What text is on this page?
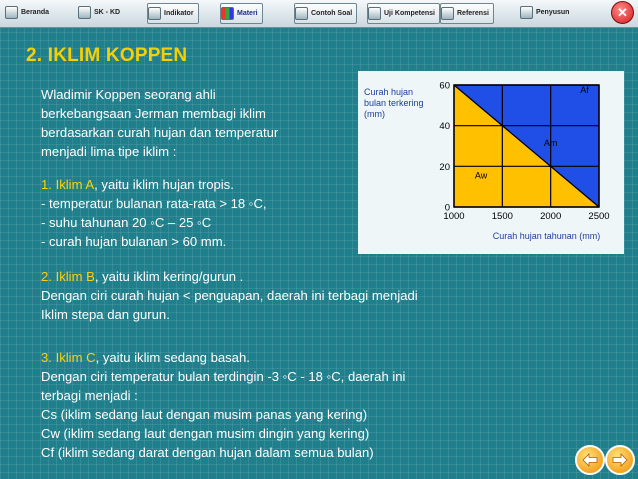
Beranda	SK - KD	Indikator	Materi	Contoh Soal	Uji Kompetensi	Referensi	Penyusun	✕
2. IKLIM KOPPEN
Wladimir Koppen seorang ahli
berkebangsaan Jerman membagi iklim
berdasarkan curah hujan dan temperatur
menjadi lima tipe iklim :
1. Iklim A, yaitu iklim hujan tropis.
- temperatur bulanan rata-rata > 18 ◦C,
- suhu tahunan 20 ◦C – 25 ◦C
- curah hujan bulanan > 60 mm.
2. Iklim B, yaitu iklim kering/gurun .
Dengan ciri curah hujan < penguapan, daerah ini terbagi menjadi
Iklim stepa dan gurun.
3. Iklim C, yaitu iklim sedang basah.
Dengan ciri temperatur bulan terdingin -3 ◦C - 18 ◦C, daerah ini
terbagi menjadi :
Cs (iklim sedang laut dengan musim panas yang kering)
Cw (iklim sedang laut dengan musim dingin yang kering)
Cf (iklim sedang darat dengan hujan dalam semua bulan)
0
20
40
60
1000	1500	2000	2500
Curah hujan
bulan terkering
(mm)
Curah hujan tahunan (mm)
Af
Am
Aw
